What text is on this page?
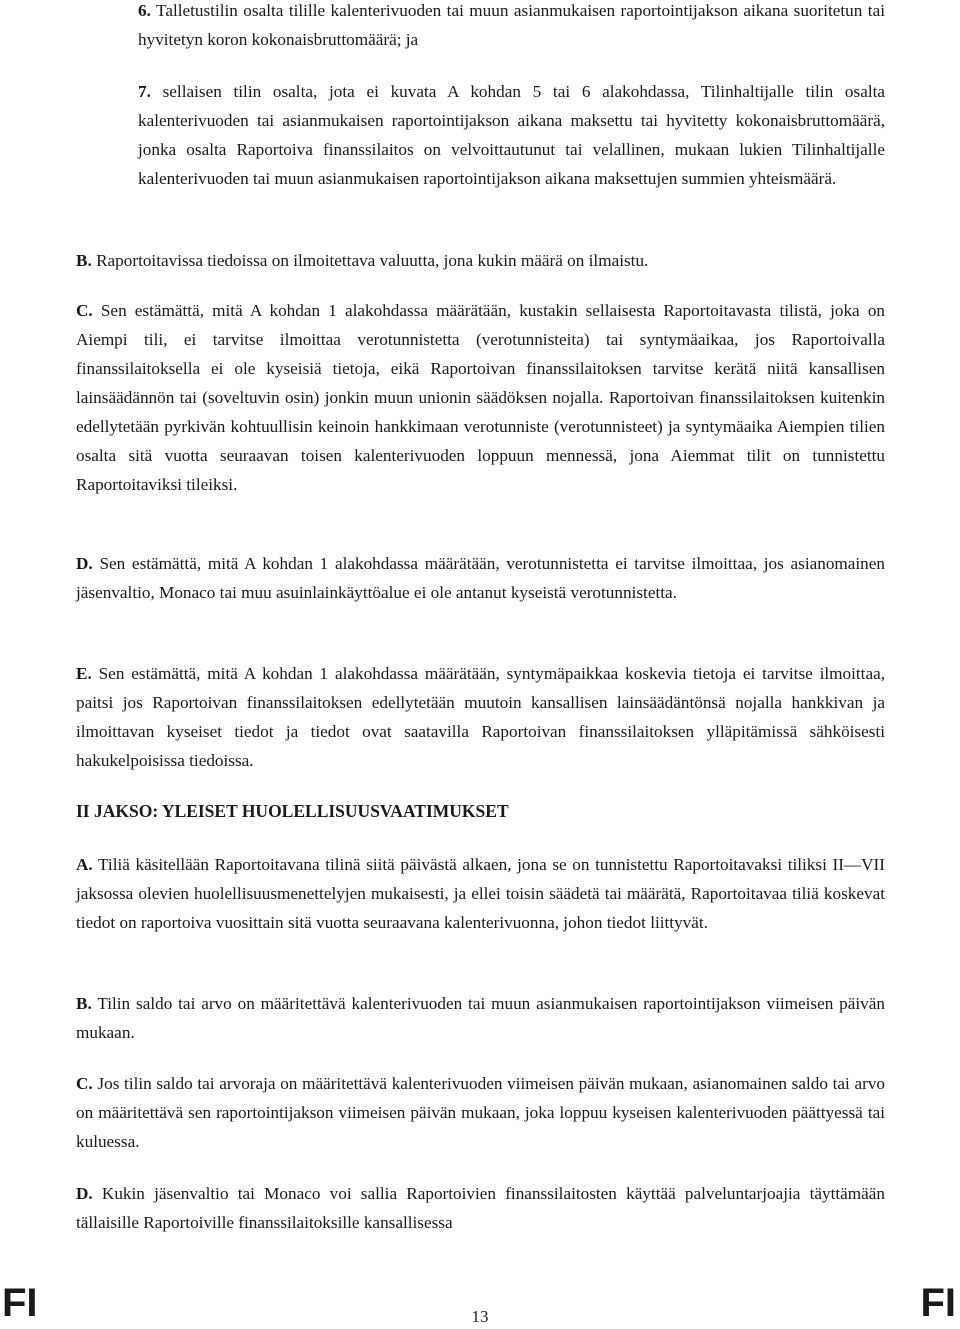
6. Talletustilin osalta tilille kalenterivuoden tai muun asianmukaisen raportointijakson aikana suoritetun tai hyvitetyn koron kokonaisbruttomäärä; ja

7. sellaisen tilin osalta, jota ei kuvata A kohdan 5 tai 6 alakohdassa, Tilinhaltijalle tilin osalta kalenterivuoden tai asianmukaisen raportointijakson aikana maksettu tai hyvitetty kokonaisbruttomäärä, jonka osalta Raportoiva finanssilaitos on velvoittautunut tai velallinen, mukaan lukien Tilinhaltijalle kalenterivuoden tai muun asianmukaisen raportointijakson aikana maksettujen summien yhteismäärä.

B. Raportoitavissa tiedoissa on ilmoitettava valuutta, jona kukin määrä on ilmaistu.

C. Sen estämättä, mitä A kohdan 1 alakohdassa määrätään, kustakin sellaisesta Raportoitavasta tilistä, joka on Aiempi tili, ei tarvitse ilmoittaa verotunnistetta (verotunnisteita) tai syntymäaikaa, jos Raportoivalla finanssilaitoksella ei ole kyseisiä tietoja, eikä Raportoivan finanssilaitoksen tarvitse kerätä niitä kansallisen lainsäädännön tai (soveltuvin osin) jonkin muun unionin säädöksen nojalla. Raportoivan finanssilaitoksen kuitenkin edellytetään pyrkivän kohtuullisin keinoin hankkimaan verotunniste (verotunnisteet) ja syntymäaika Aiempien tilien osalta sitä vuotta seuraavan toisen kalenterivuoden loppuun mennessä, jona Aiemmat tilit on tunnistettu Raportoitaviksi tileiksi.

D. Sen estämättä, mitä A kohdan 1 alakohdassa määrätään, verotunnistetta ei tarvitse ilmoittaa, jos asianomainen jäsenvaltio, Monaco tai muu asuinlainkäyttöalue ei ole antanut kyseistä verotunnistetta.

E. Sen estämättä, mitä A kohdan 1 alakohdassa määrätään, syntymäpaikkaa koskevia tietoja ei tarvitse ilmoittaa, paitsi jos Raportoivan finanssilaitoksen edellytetään muutoin kansallisen lainsäädäntönsä nojalla hankkivan ja ilmoittavan kyseiset tiedot ja tiedot ovat saatavilla Raportoivan finanssilaitoksen ylläpitämissä sähköisesti hakukelpoisissa tiedoissa.

II JAKSO: YLEISET HUOLELLISUUSVAATIMUKSET

A. Tiliä käsitellään Raportoitavana tilinä siitä päivästä alkaen, jona se on tunnistettu Raportoitavaksi tiliksi II—VII jaksossa olevien huolellisuusmenettelyjen mukaisesti, ja ellei toisin säädetä tai määrätä, Raportoitavaa tiliä koskevat tiedot on raportoiva vuosittain sitä vuotta seuraavana kalenterivuonna, johon tiedot liittyvät.

B. Tilin saldo tai arvo on määritettävä kalenterivuoden tai muun asianmukaisen raportointijakson viimeisen päivän mukaan.

C. Jos tilin saldo tai arvoraja on määritettävä kalenterivuoden viimeisen päivän mukaan, asianomainen saldo tai arvo on määritettävä sen raportointijakson viimeisen päivän mukaan, joka loppuu kyseisen kalenterivuoden päättyessä tai kuluessa.

D. Kukin jäsenvaltio tai Monaco voi sallia Raportoivien finanssilaitosten käyttää palveluntarjoajia täyttämään tällaisille Raportoiville finanssilaitoksille kansallisessa

FI	13	FI
